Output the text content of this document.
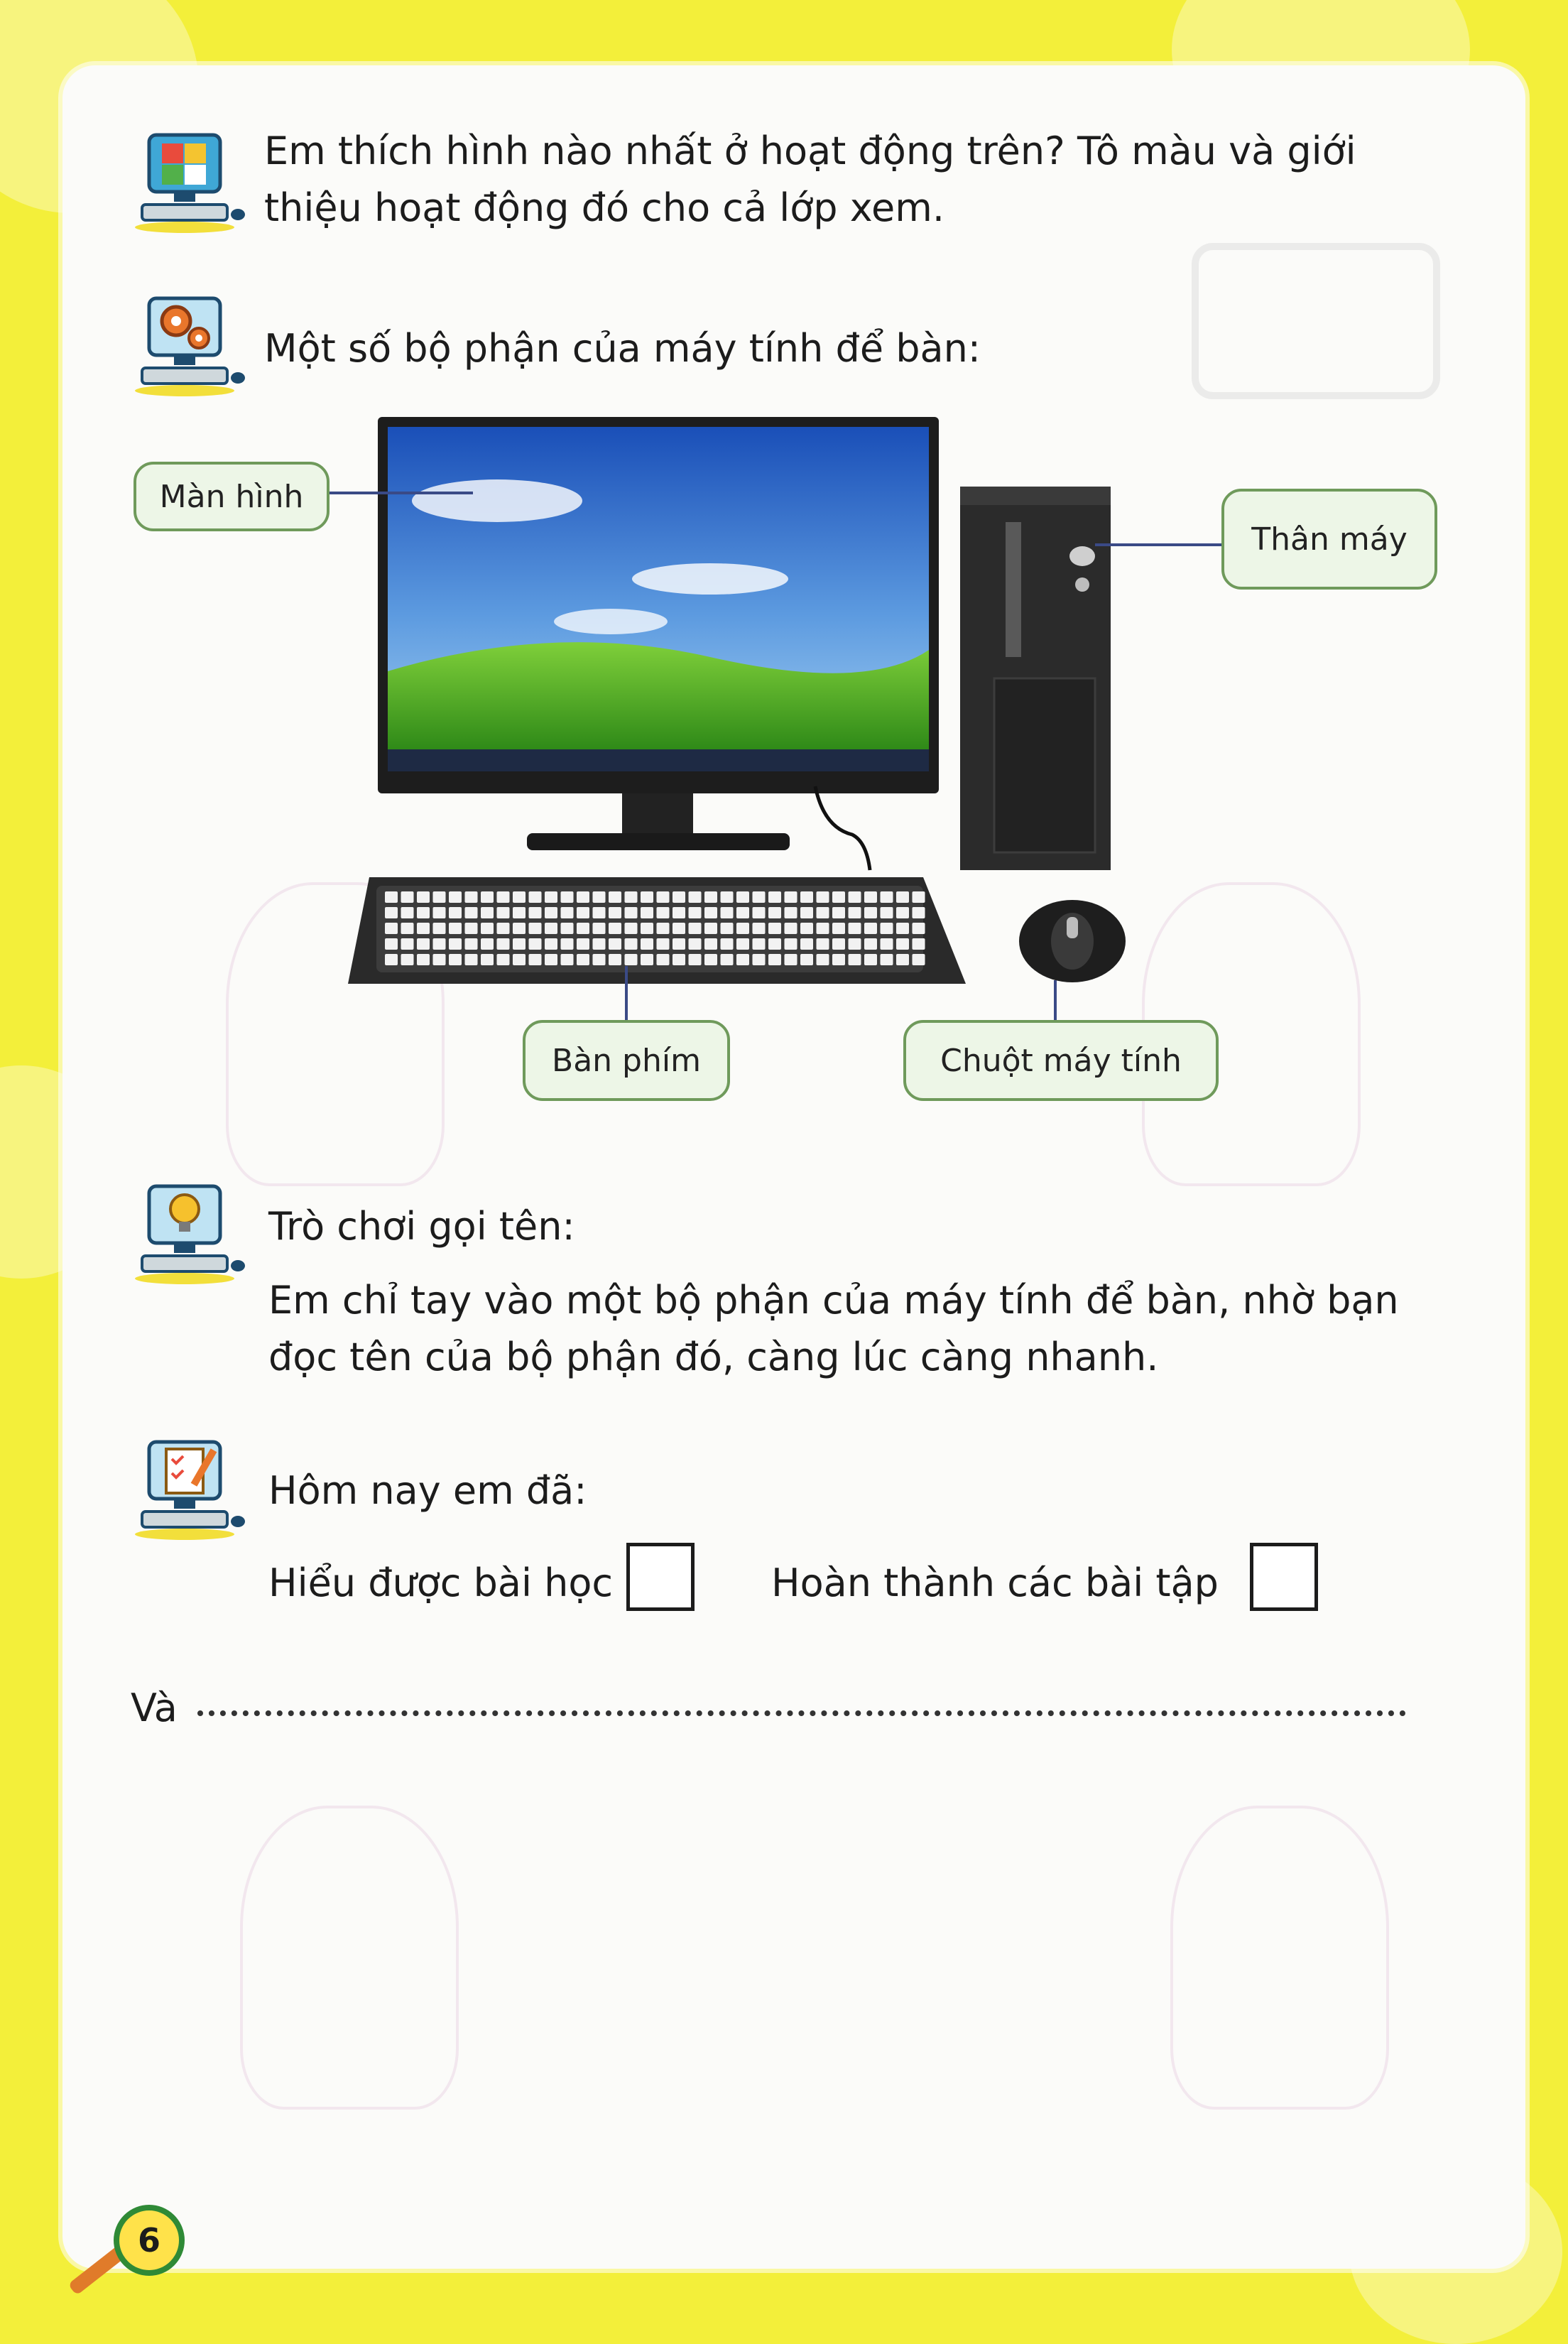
Em thích hình nào nhất ở hoạt động trên? Tô màu và giới
thiệu hoạt động đó cho cả lớp xem.
Một số bộ phận của máy tính để bàn:
Màn hình
Thân máy
Bàn phím	Chuột máy tính
Trò chơi gọi tên:
Em chỉ tay vào một bộ phận của máy tính để bàn, nhờ bạn
đọc tên của bộ phận đó, càng lúc càng nhanh.
Hôm nay em đã:
Hiểu được bài học	Hoàn thành các bài tập
Và
6
